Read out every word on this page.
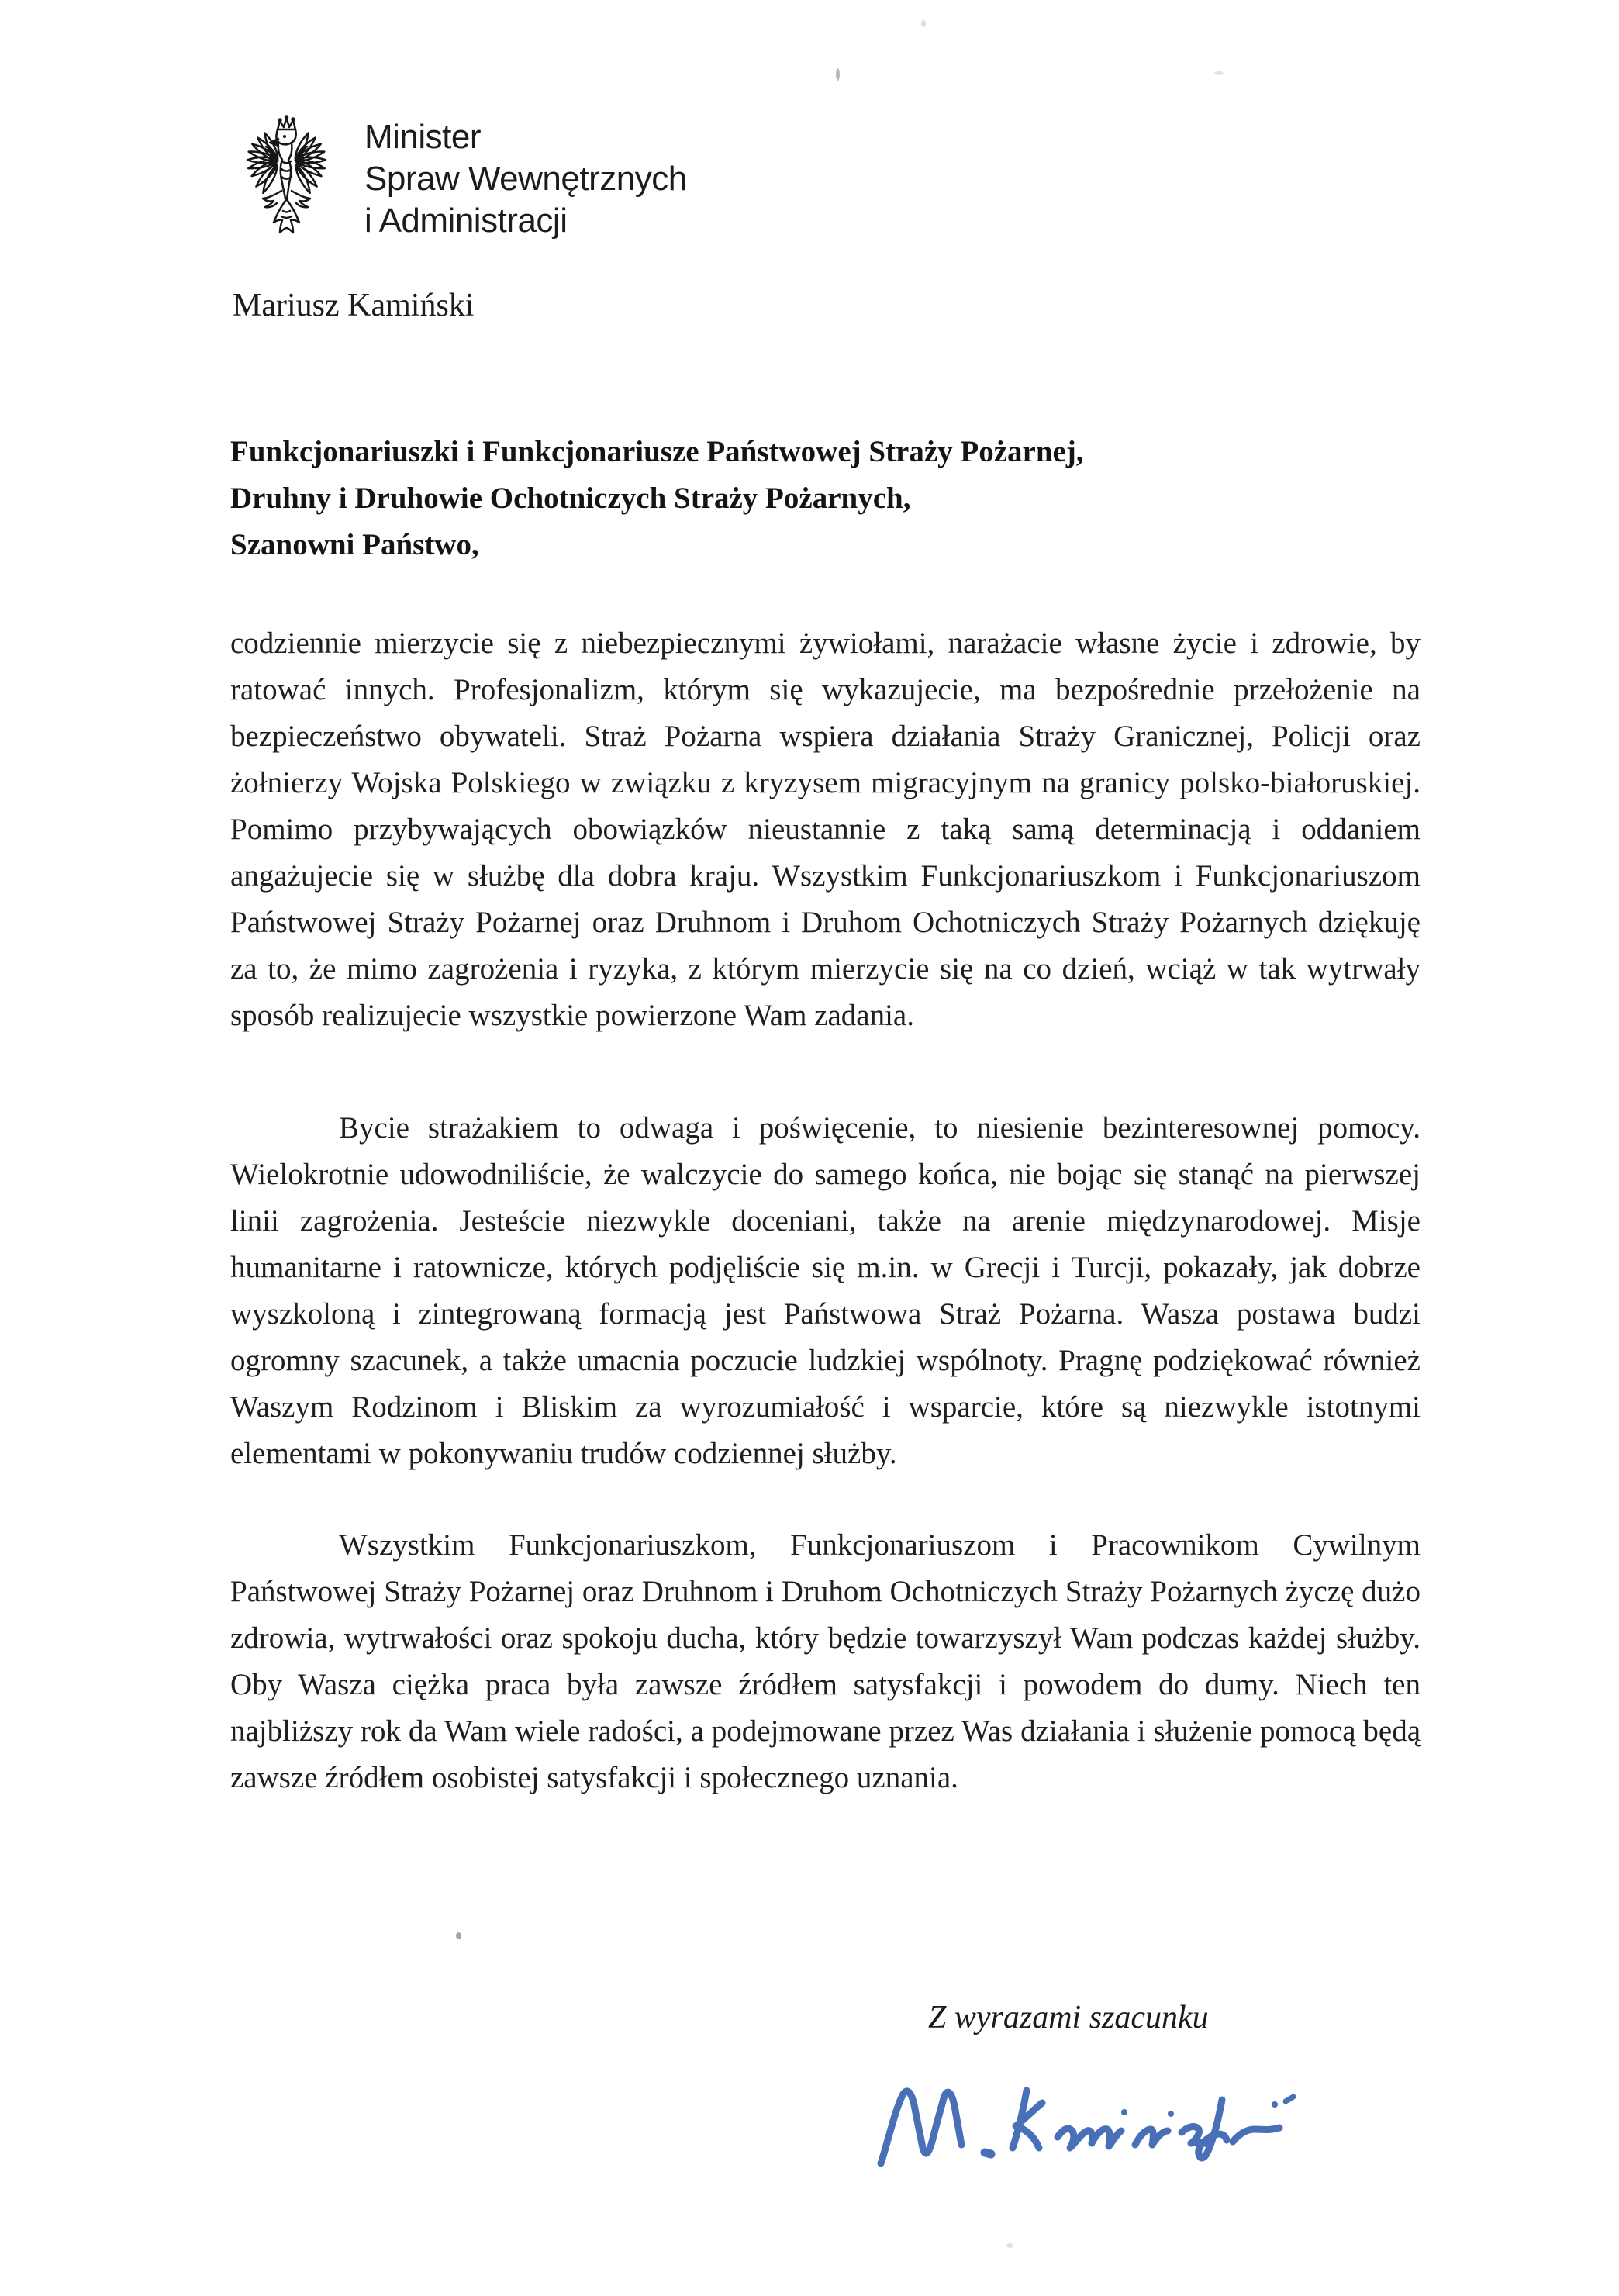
Minister
Spraw Wewnętrznych
i Administracji
Mariusz Kamiński
Funkcjonariuszki i Funkcjonariusze Państwowej Straży Pożarnej,
Druhny i Druhowie Ochotniczych Straży Pożarnych,
Szanowni Państwo,

codziennie mierzycie się z niebezpiecznymi żywiołami, narażacie własne życie i zdrowie, by ratować innych. Profesjonalizm, którym się wykazujecie, ma bezpośrednie przełożenie na bezpieczeństwo obywateli. Straż Pożarna wspiera działania Straży Granicznej, Policji oraz żołnierzy Wojska Polskiego w związku z kryzysem migracyjnym na granicy polsko-białoruskiej. Pomimo przybywających obowiązków nieustannie z taką samą determinacją i oddaniem angażujecie się w służbę dla dobra kraju. Wszystkim Funkcjonariuszkom i Funkcjonariuszom Państwowej Straży Pożarnej oraz Druhnom i Druhom Ochotniczych Straży Pożarnych dziękuję za to, że mimo zagrożenia i ryzyka, z którym mierzycie się na co dzień, wciąż w tak wytrwały sposób realizujecie wszystkie powierzone Wam zadania.

Bycie strażakiem to odwaga i poświęcenie, to niesienie bezinteresownej pomocy. Wielokrotnie udowodniliście, że walczycie do samego końca, nie bojąc się stanąć na pierwszej linii zagrożenia. Jesteście niezwykle doceniani, także na arenie międzynarodowej. Misje humanitarne i ratownicze, których podjęliście się m.in. w Grecji i Turcji, pokazały, jak dobrze wyszkoloną i zintegrowaną formacją jest Państwowa Straż Pożarna. Wasza postawa budzi ogromny szacunek, a także umacnia poczucie ludzkiej wspólnoty. Pragnę podziękować również Waszym Rodzinom i Bliskim za wyrozumiałość i wsparcie, które są niezwykle istotnymi elementami w pokonywaniu trudów codziennej służby.

Wszystkim Funkcjonariuszkom, Funkcjonariuszom i Pracownikom Cywilnym Państwowej Straży Pożarnej oraz Druhnom i Druhom Ochotniczych Straży Pożarnych życzę dużo zdrowia, wytrwałości oraz spokoju ducha, który będzie towarzyszył Wam podczas każdej służby. Oby Wasza ciężka praca była zawsze źródłem satysfakcji i powodem do dumy. Niech ten najbliższy rok da Wam wiele radości, a podejmowane przez Was działania i służenie pomocą będą zawsze źródłem osobistej satysfakcji i społecznego uznania.

Z wyrazami szacunku
